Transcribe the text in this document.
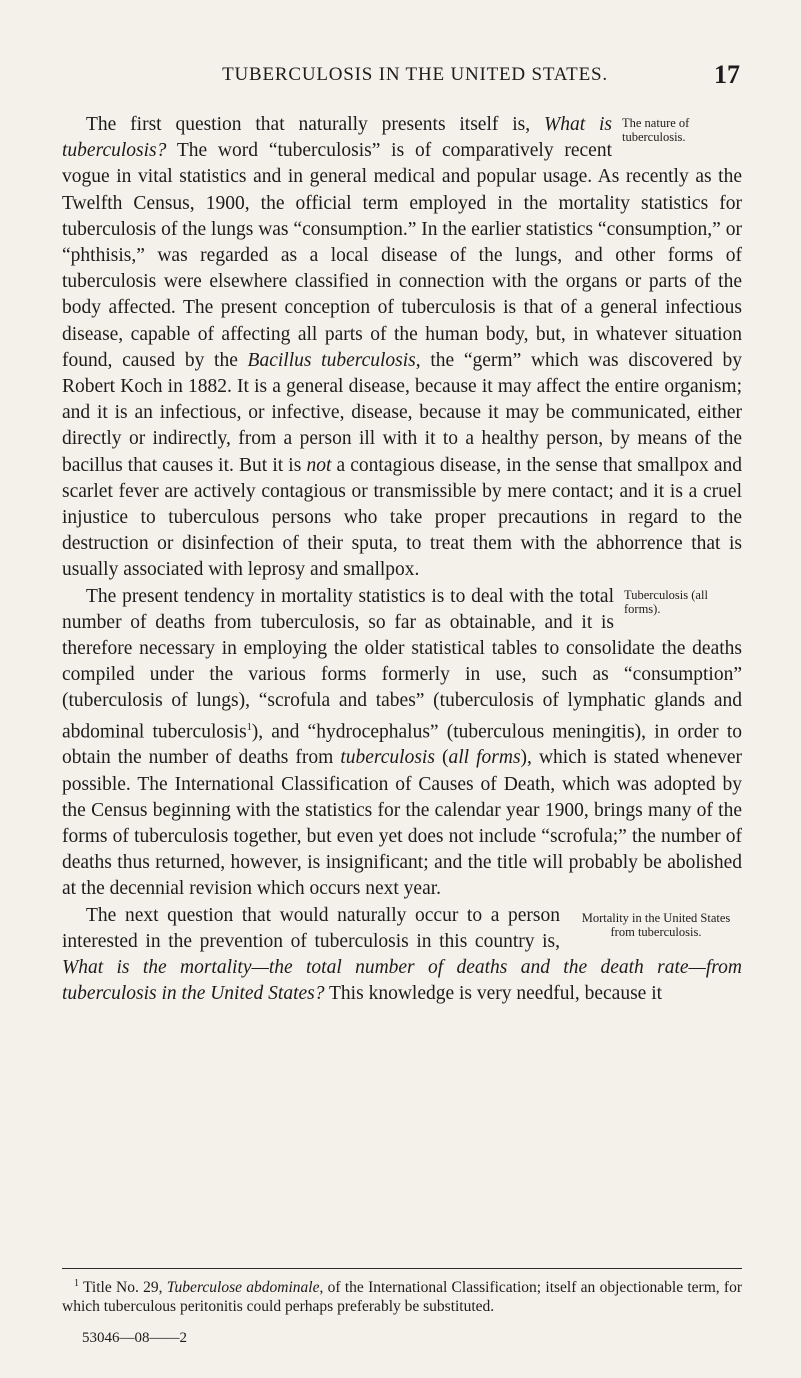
TUBERCULOSIS IN THE UNITED STATES.	17

The nature of tuberculosis.
The first question that naturally presents itself is, What is tuberculosis? The word “tuberculosis” is of comparatively recent vogue in vital statistics and in general medical and popular usage. As recently as the Twelfth Census, 1900, the official term employed in the mortality statistics for tuberculosis of the lungs was “consumption.” In the earlier statistics “consumption,” or “phthisis,” was regarded as a local disease of the lungs, and other forms of tuberculosis were elsewhere classified in connection with the organs or parts of the body affected. The present conception of tuberculosis is that of a general infectious disease, capable of affecting all parts of the human body, but, in whatever situation found, caused by the Bacillus tuberculosis, the “germ” which was discovered by Robert Koch in 1882. It is a general disease, because it may affect the entire organism; and it is an infectious, or infective, disease, because it may be communicated, either directly or indirectly, from a person ill with it to a healthy person, by means of the bacillus that causes it. But it is not a contagious disease, in the sense that smallpox and scarlet fever are actively contagious or transmissible by mere contact; and it is a cruel injustice to tuberculous persons who take proper precautions in regard to the destruction or disinfection of their sputa, to treat them with the abhorrence that is usually associated with leprosy and smallpox.

Tuberculosis (all forms).
The present tendency in mortality statistics is to deal with the total number of deaths from tuberculosis, so far as obtainable, and it is therefore necessary in employing the older statistical tables to consolidate the deaths compiled under the various forms formerly in use, such as “consumption” (tuberculosis of lungs), “scrofula and tabes” (tuberculosis of lymphatic glands and abdominal tuberculosis$^1$), and “hydrocephalus” (tuberculous meningitis), in order to obtain the number of deaths from tuberculosis (all forms), which is stated whenever possible. The International Classification of Causes of Death, which was adopted by the Census beginning with the statistics for the calendar year 1900, brings many of the forms of tuberculosis together, but even yet does not include “scrofula;” the number of deaths thus returned, however, is insignificant; and the title will probably be abolished at the decennial revision which occurs next year.

Mortality in the United States from tuberculosis.
The next question that would naturally occur to a person interested in the prevention of tuberculosis in this country is, What is the mortality—the total number of deaths and the death rate—from tuberculosis in the United States? This knowledge is very needful, because it

$^1$ Title No. 29, Tuberculose abdominale, of the International Classification; itself an objectionable term, for which tuberculous peritonitis could perhaps preferably be substituted.

53046—08——2
